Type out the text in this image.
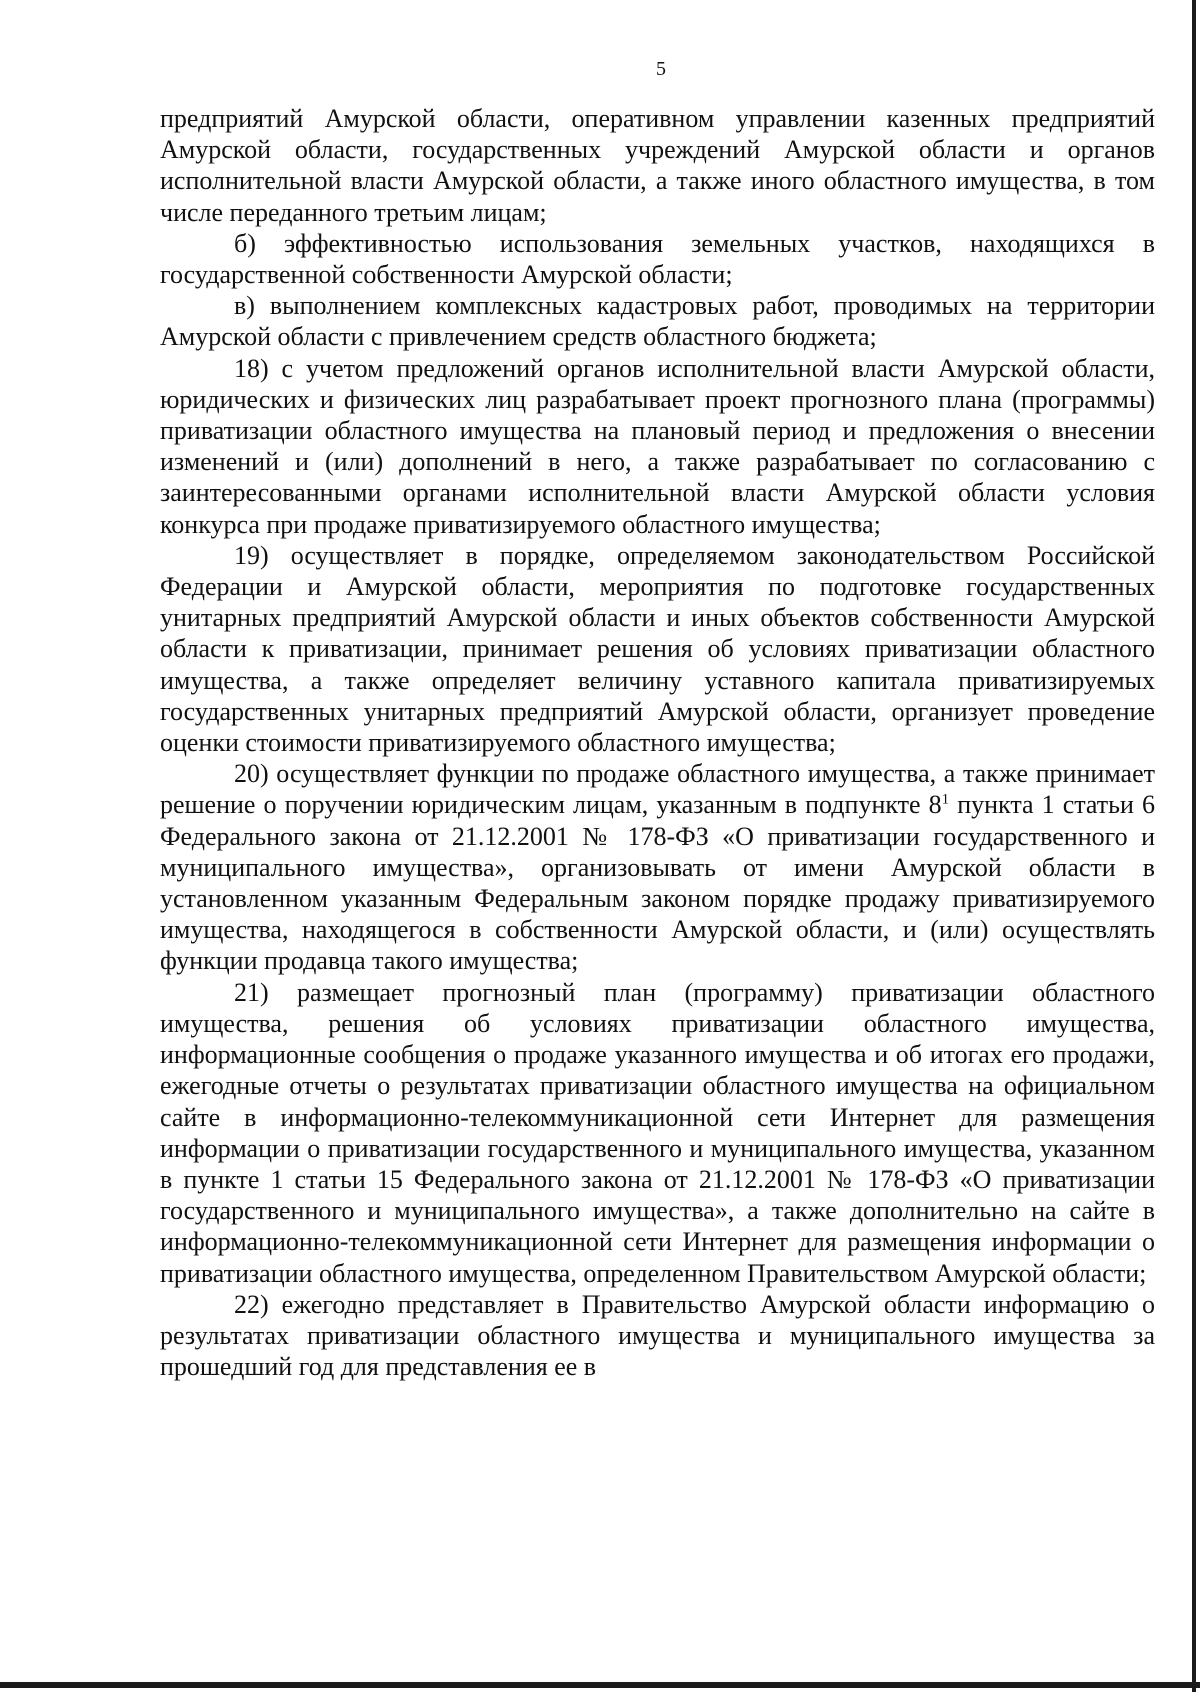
5

предприятий Амурской области, оперативном управлении казенных предприятий Амурской области, государственных учреждений Амурской области и органов исполнительной власти Амурской области, а также иного областного имущества, в том числе переданного третьим лицам;

б) эффективностью использования земельных участков, находящихся в государственной собственности Амурской области;

в) выполнением комплексных кадастровых работ, проводимых на территории Амурской области с привлечением средств областного бюджета;

18) с учетом предложений органов исполнительной власти Амурской области, юридических и физических лиц разрабатывает проект прогнозного плана (программы) приватизации областного имущества на плановый период и предложения о внесении изменений и (или) дополнений в него, а также разрабатывает по согласованию с заинтересованными органами исполнительной власти Амурской области условия конкурса при продаже приватизируемого областного имущества;

19) осуществляет в порядке, определяемом законодательством Российской Федерации и Амурской области, мероприятия по подготовке государственных унитарных предприятий Амурской области и иных объектов собственности Амурской области к приватизации, принимает решения об условиях приватизации областного имущества, а также определяет величину уставного капитала приватизируемых государственных унитарных предприятий Амурской области, организует проведение оценки стоимости приватизируемого областного имущества;

20) осуществляет функции по продаже областного имущества, а также принимает решение о поручении юридическим лицам, указанным в подпункте $8^1$ пункта 1 статьи 6 Федерального закона от 21.12.2001 № 178-ФЗ «О приватизации государственного и муниципального имущества», организовывать от имени Амурской области в установленном указанным Федеральным законом порядке продажу приватизируемого имущества, находящегося в собственности Амурской области, и (или) осуществлять функции продавца такого имущества;

21) размещает прогнозный план (программу) приватизации областного имущества, решения об условиях приватизации областного имущества, информационные сообщения о продаже указанного имущества и об итогах его продажи, ежегодные отчеты о результатах приватизации областного имущества на официальном сайте в информационно-телекоммуникационной сети Интернет для размещения информации о приватизации государственного и муниципального имущества, указанном в пункте 1 статьи 15 Федерального закона от 21.12.2001 № 178-ФЗ «О приватизации государственного и муниципального имущества», а также дополнительно на сайте в информационно-телекоммуникационной сети Интернет для размещения информации о приватизации областного имущества, определенном Правительством Амурской области;

22) ежегодно представляет в Правительство Амурской области информацию о результатах приватизации областного имущества и муниципального имущества за прошедший год для представления ее в
